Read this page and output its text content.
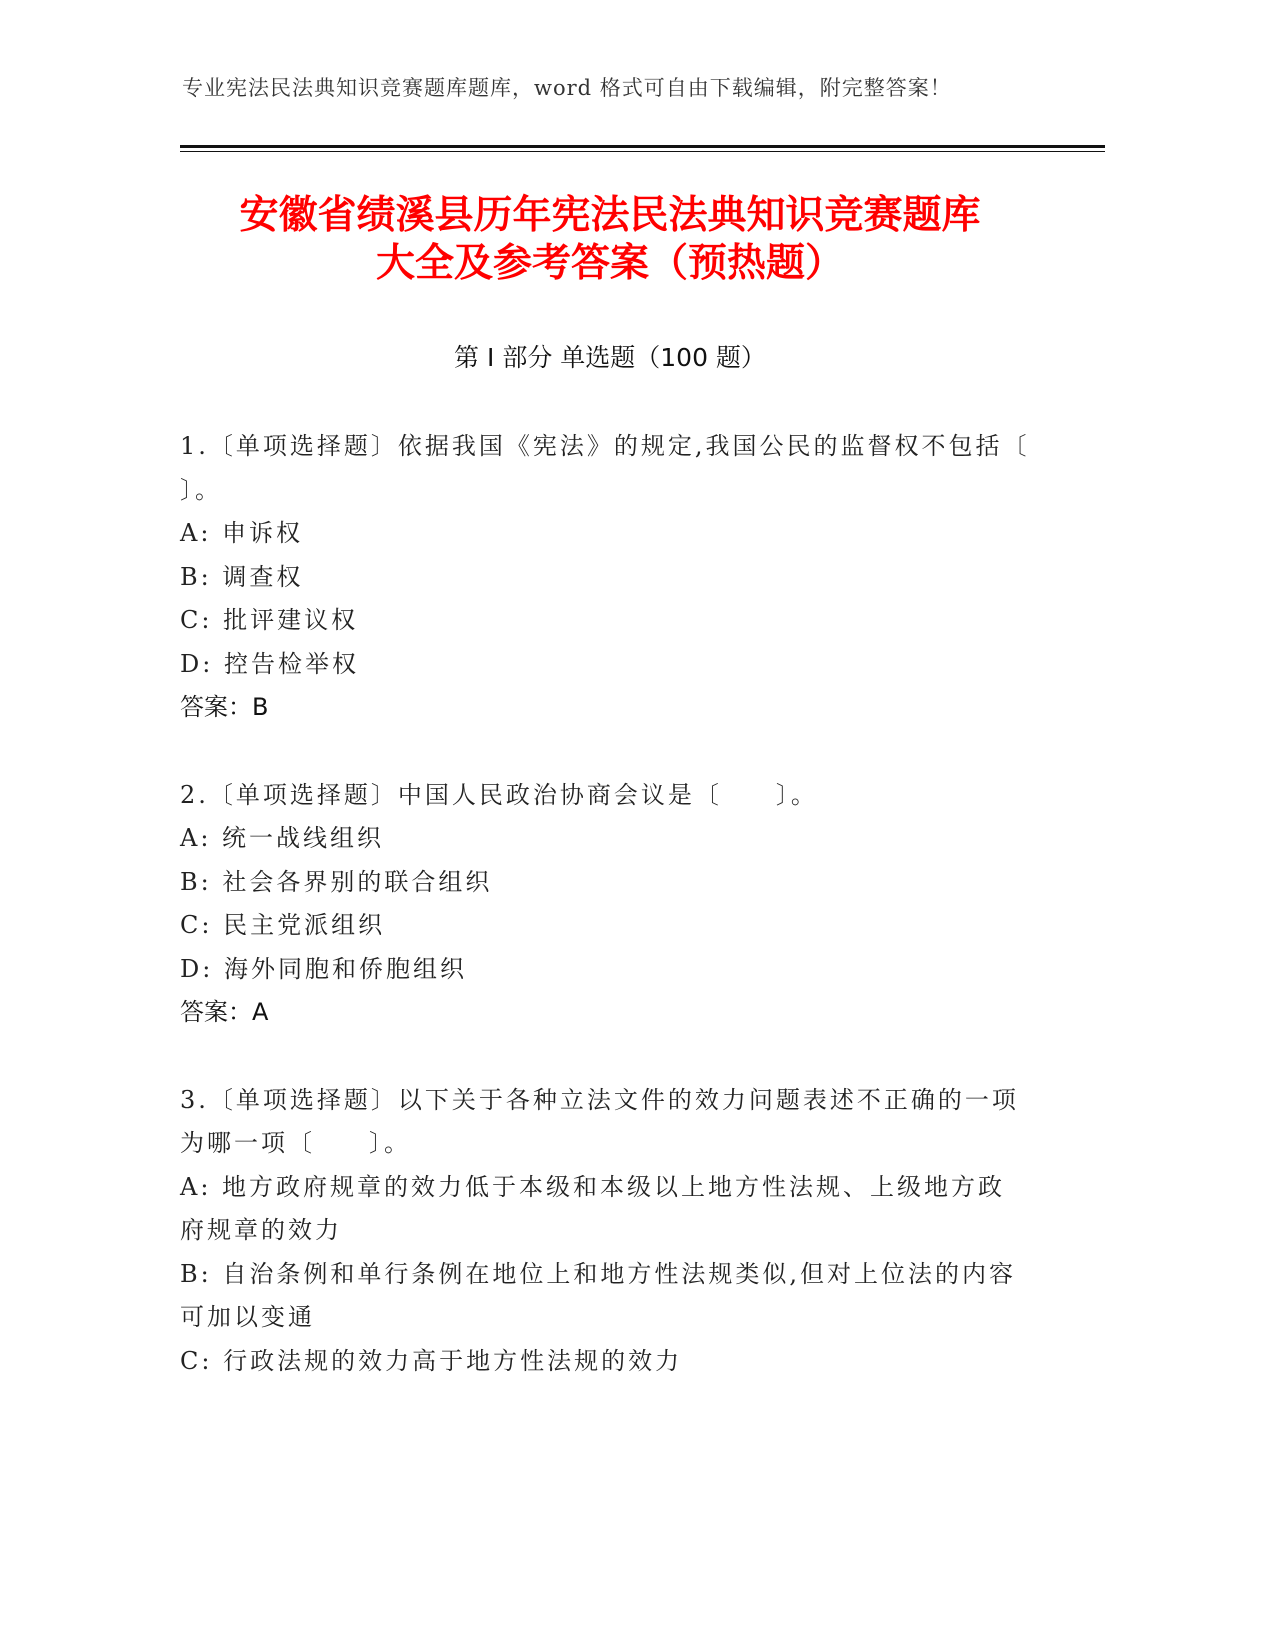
专业宪法民法典知识竞赛题库题库，word 格式可自由下载编辑，附完整答案！
安徽省绩溪县历年宪法民法典知识竞赛题库
大全及参考答案（预热题）
第 I 部分 单选题（100 题）

1.〔单项选择题〕依据我国《宪法》的规定,我国公民的监督权不包括〔　　〕。

A: 申诉权

B: 调查权

C: 批评建议权

D: 控告检举权

答案：B

2.〔单项选择题〕中国人民政治协商会议是〔　　〕。

A: 统一战线组织

B: 社会各界别的联合组织

C: 民主党派组织

D: 海外同胞和侨胞组织

答案：A

3.〔单项选择题〕以下关于各种立法文件的效力问题表述不正确的一项为哪一项〔　　〕。

A: 地方政府规章的效力低于本级和本级以上地方性法规、上级地方政府规章的效力

B: 自治条例和单行条例在地位上和地方性法规类似,但对上位法的内容可加以变通

C: 行政法规的效力高于地方性法规的效力
